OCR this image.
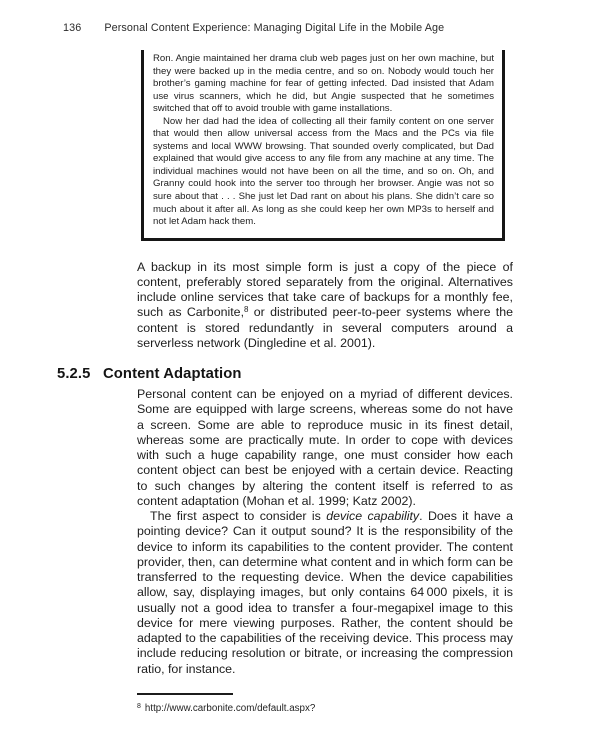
136 Personal Content Experience: Managing Digital Life in the Mobile Age

Ron. Angie maintained her drama club web pages just on her own machine, but they were backed up in the media centre, and so on. Nobody would touch her brother’s gaming machine for fear of getting infected. Dad insisted that Adam use virus scanners, which he did, but Angie suspected that he sometimes switched that off to avoid trouble with game installations.

Now her dad had the idea of collecting all their family content on one server that would then allow universal access from the Macs and the PCs via file systems and local WWW browsing. That sounded overly complicated, but Dad explained that would give access to any file from any machine at any time. The individual machines would not have been on all the time, and so on. Oh, and Granny could hook into the server too through her browser. Angie was not so sure about that . . . She just let Dad rant on about his plans. She didn’t care so much about it after all. As long as she could keep her own MP3s to herself and not let Adam hack them.

A backup in its most simple form is just a copy of the piece of content, preferably stored separately from the original. Alternatives include online services that take care of backups for a monthly fee, such as Carbonite,$^8$ or distributed peer-to-peer systems where the content is stored redundantly in several computers around a serverless network (Dingledine et al. 2001).

5.2.5 Content Adaptation

Personal content can be enjoyed on a myriad of different devices. Some are equipped with large screens, whereas some do not have a screen. Some are able to reproduce music in its finest detail, whereas some are practically mute. In order to cope with devices with such a huge capability range, one must consider how each content object can best be enjoyed with a certain device. Reacting to such changes by altering the content itself is referred to as content adaptation (Mohan et al. 1999; Katz 2002).

The first aspect to consider is device capability. Does it have a pointing device? Can it output sound? It is the responsibility of the device to inform its capabilities to the content provider. The content provider, then, can determine what content and in which form can be transferred to the requesting device. When the device capabilities allow, say, displaying images, but only contains 64 000 pixels, it is usually not a good idea to transfer a four-megapixel image to this device for mere viewing purposes. Rather, the content should be adapted to the capabilities of the receiving device. This process may include reducing resolution or bitrate, or increasing the compression ratio, for instance.

$^8$ http://www.carbonite.com/default.aspx?
